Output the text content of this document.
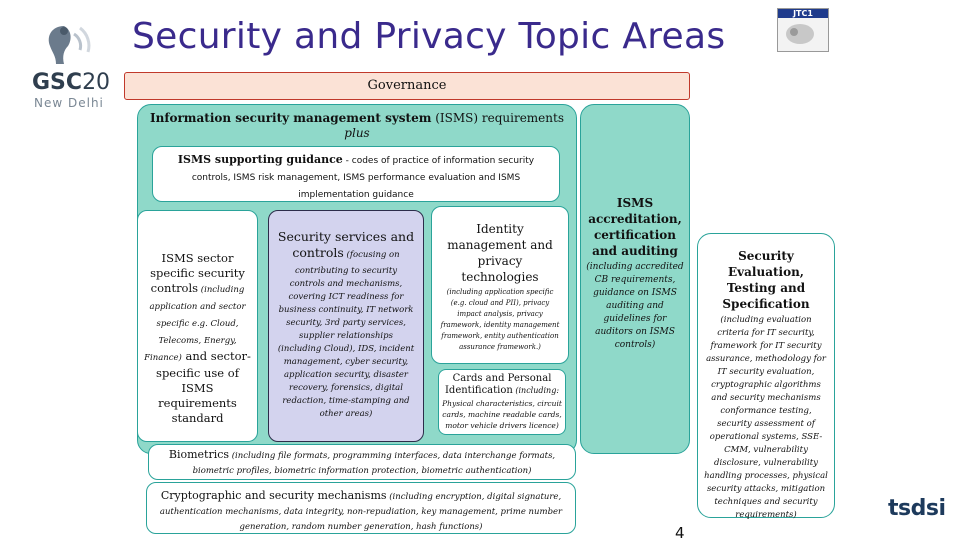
GSC20
New Delhi
Security and Privacy Topic Areas
JTC1
Governance
Information security management system (ISMS) requirements
plus
ISMS supporting guidance - codes of practice of information security controls, ISMS risk management, ISMS performance evaluation and ISMS implementation guidance
ISMS sector specific security controls (including application and sector specific e.g. Cloud, Telecoms, Energy, Finance) and sector-specific use of ISMS requirements standard
Security services and controls (focusing on
contributing to security controls and mechanisms, covering ICT readiness for business continuity, IT network security, 3rd party services, supplier relationships (including Cloud), IDS, incident management, cyber security, application security, disaster recovery, forensics, digital redaction, time-stamping and other areas)
Identity management and privacy technologies
(including application specific (e.g. cloud and PII), privacy impact analysis, privacy framework, identity management framework, entity authentication assurance framework.)
Cards and Personal Identification (including:
Physical characteristics, circuit cards, machine readable cards, motor vehicle drivers licence)
Biometrics (including file formats, programming interfaces, data interchange formats, biometric profiles, biometric information protection, biometric authentication)
Cryptographic and security mechanisms (including encryption, digital signature, authentication mechanisms, data integrity, non-repudiation, key management, prime number generation, random number generation, hash functions)
ISMS accreditation, certification and auditing
(including accredited CB requirements, guidance on ISMS auditing and guidelines for auditors on ISMS controls)
Security Evaluation, Testing and Specification
(including evaluation criteria for IT security, framework for IT security assurance, methodology for IT security evaluation, cryptographic algorithms and security mechanisms conformance testing, security assessment of operational systems, SSE-CMM, vulnerability disclosure, vulnerability handling processes, physical security attacks, mitigation techniques and security requirements)
4
tsdsi
